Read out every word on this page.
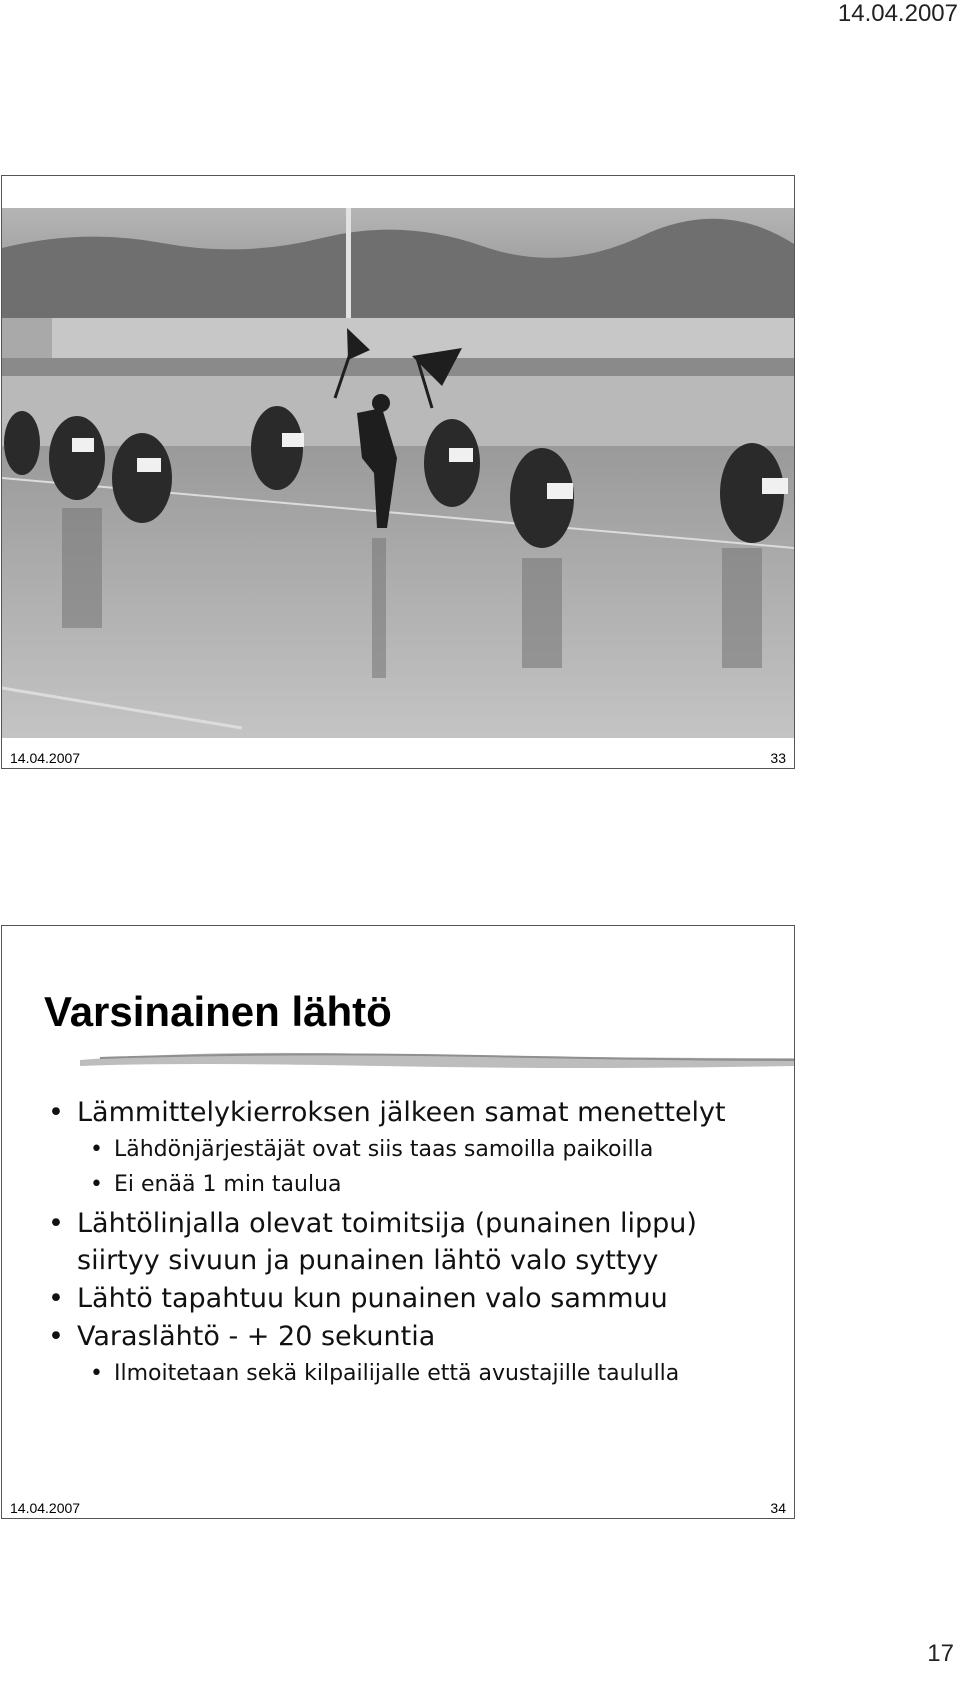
14.04.2007
14.04.2007	33
Varsinainen lähtö
• Lämmittelykierroksen jälkeen samat menettelyt
• Lähdönjärjestäjät ovat siis taas samoilla paikoilla
• Ei enää 1 min taulua
• Lähtölinjalla olevat toimitsija (punainen lippu) siirtyy sivuun ja punainen lähtö valo syttyy
• Lähtö tapahtuu kun punainen valo sammuu
• Varaslähtö - + 20 sekuntia
• Ilmoitetaan sekä kilpailijalle että avustajille taululla
14.04.2007	34
17
